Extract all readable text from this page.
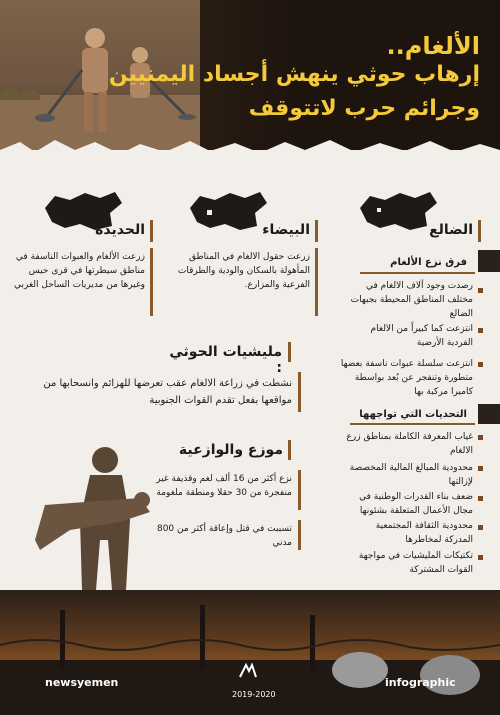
الألغام..
إرهاب حوثي ينهش أجساد اليمنيين
وجرائم حرب لاتتوقف
الحديدة	البيضاء	الضالع
زرعت الألغام والعبوات الناسفة في مناطق سيطرتها في قرى حيس وغيرها من مديريات الساحل الغربي
زرعت حقول الالغام في المناطق المأهولة بالسكان والودية والطرقات الفرعية والمزارع.
فرق نزع الألغام
رصدت وجود آلاف الالغام في مختلف المناطق المحيطة بجبهات الضالع
انتزعت كما كبيراً من الالغام الفردية الأرضية
انتزعت سلسلة عبوات ناسفة بعضها متطورة وتنفجر عن بُعد بواسطة كاميرا مركبة بها
التحديات التي تواجهها
غياب المعرفة الكاملة بمناطق زرع الالغام
محدودية المبالغ المالية المخصصة لإزالتها
ضعف بناء القدرات الوطنية في مجال الأعمال المتعلقة بشئونها
محدودية الثقافة المجتمعية المدركة لمخاطرها
تكتيكات المليشيات في مواجهة القوات المشتركة
مليشيات الحوثي :
نشطت في زراعة الالغام عقب تعرضها للهزائم وانسحابها من مواقعها بفعل تقدم القوات الجنوبية
موزع والوازعية
نزع أكثر من 16 ألف لغم وقذيفة غير منفجرة من 30 حقلا ومنطقة ملغومة
تسببت في قتل وإعاقة أكثر من 800 مدني
newsyemen	infographic
2019-2020
